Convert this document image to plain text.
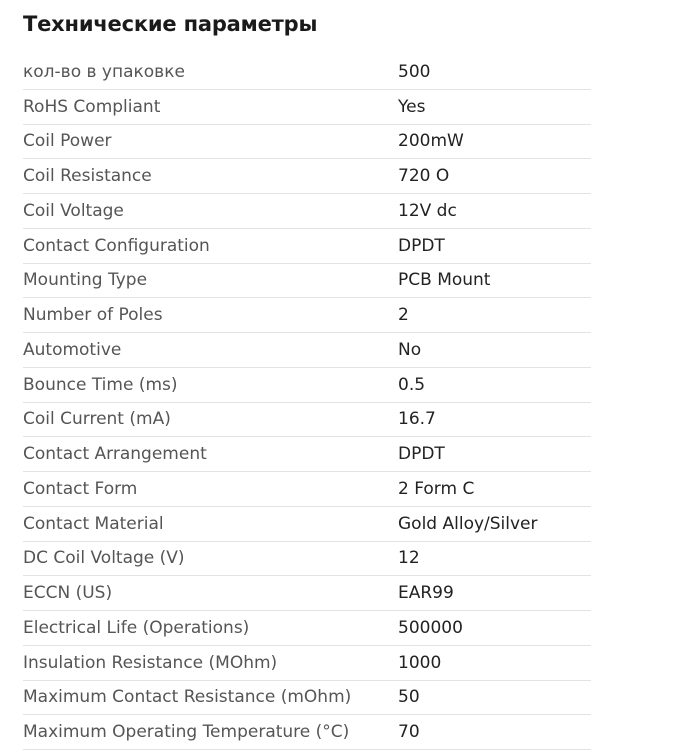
Технические параметры
кол-во в упаковке	500
RoHS Compliant	Yes
Coil Power	200mW
Coil Resistance	720 O
Coil Voltage	12V dc
Contact Configuration	DPDT
Mounting Type	PCB Mount
Number of Poles	2
Automotive	No
Bounce Time (ms)	0.5
Coil Current (mA)	16.7
Contact Arrangement	DPDT
Contact Form	2 Form C
Contact Material	Gold Alloy/Silver
DC Coil Voltage (V)	12
ECCN (US)	EAR99
Electrical Life (Operations)	500000
Insulation Resistance (MOhm)	1000
Maximum Contact Resistance (mOhm)	50
Maximum Operating Temperature (°C)	70
